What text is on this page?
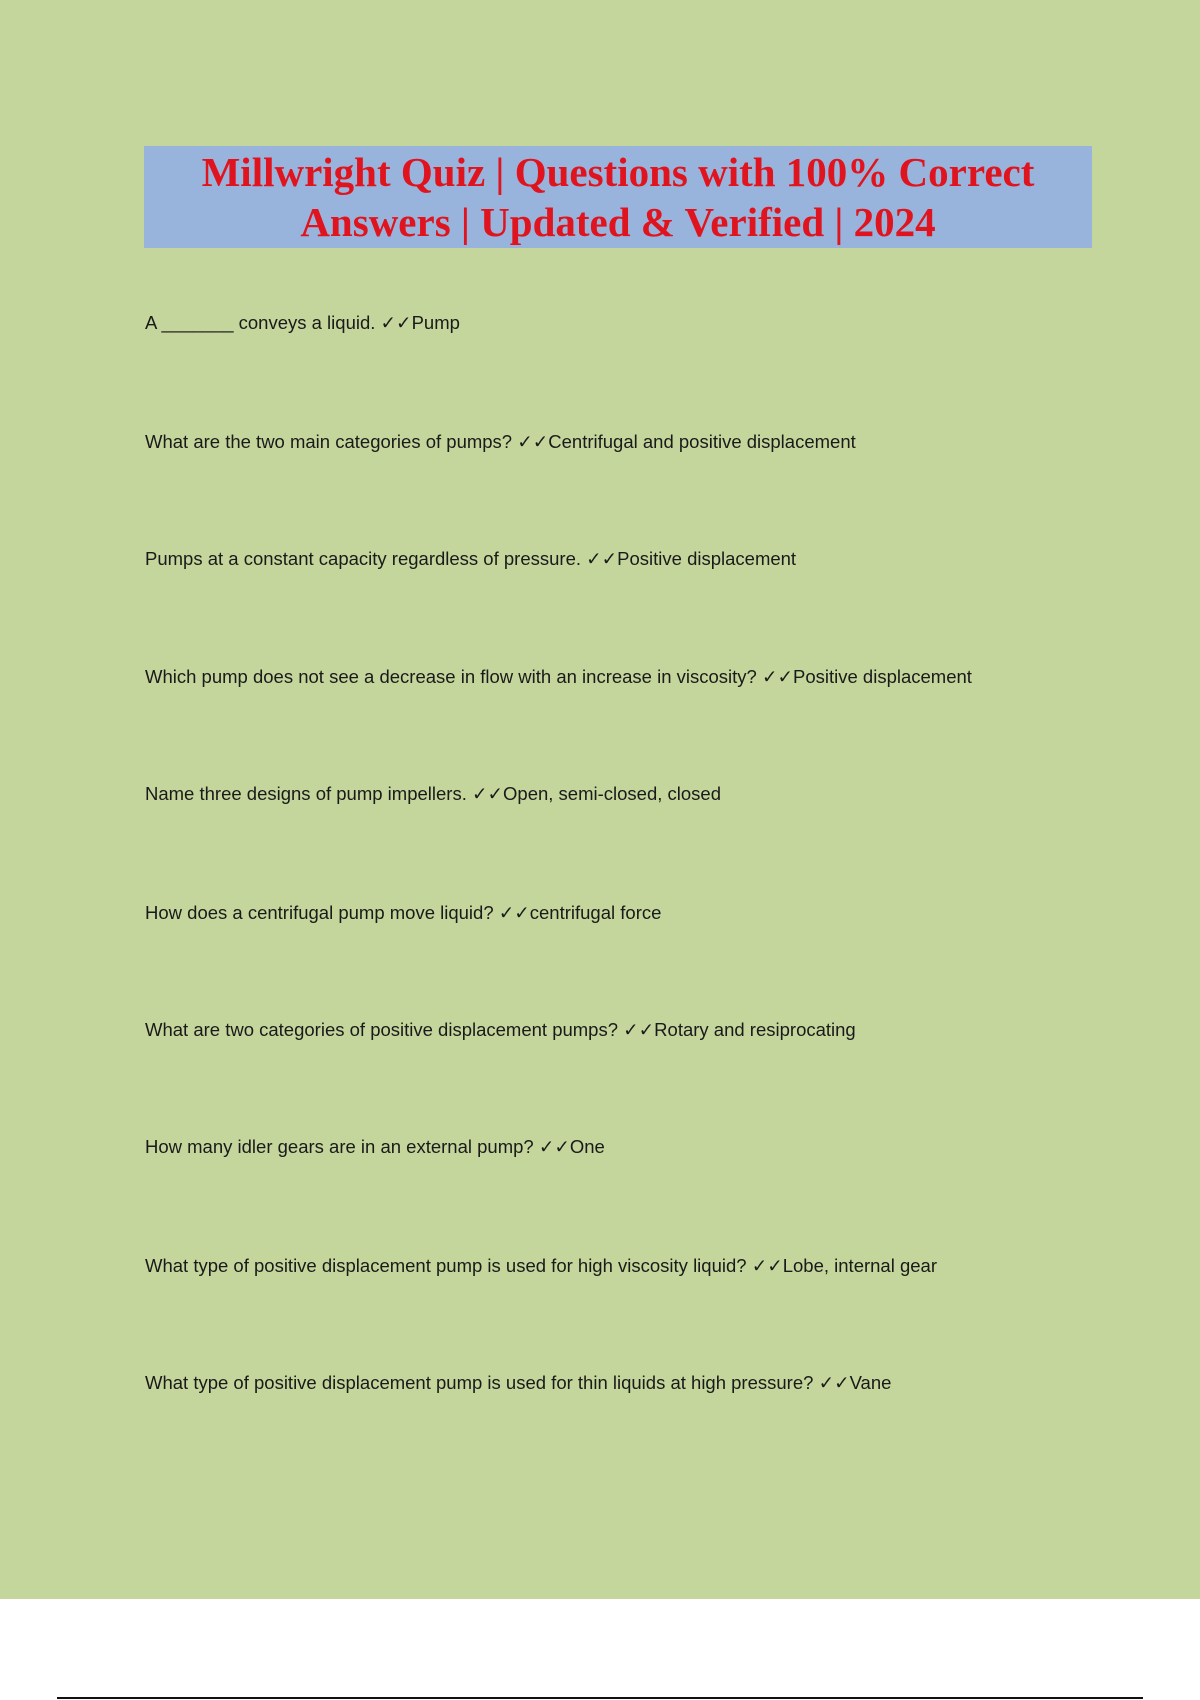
Millwright Quiz | Questions with 100% Correct Answers | Updated & Verified | 2024
A _______ conveys a liquid. ✓✓Pump
What are the two main categories of pumps? ✓✓Centrifugal and positive displacement
Pumps at a constant capacity regardless of pressure. ✓✓Positive displacement
Which pump does not see a decrease in flow with an increase in viscosity? ✓✓Positive displacement
Name three designs of pump impellers. ✓✓Open, semi-closed, closed
How does a centrifugal pump move liquid? ✓✓centrifugal force
What are two categories of positive displacement pumps? ✓✓Rotary and resiprocating
How many idler gears are in an external pump? ✓✓One
What type of positive displacement pump is used for high viscosity liquid? ✓✓Lobe, internal gear
What type of positive displacement pump is used for thin liquids at high pressure? ✓✓Vane
